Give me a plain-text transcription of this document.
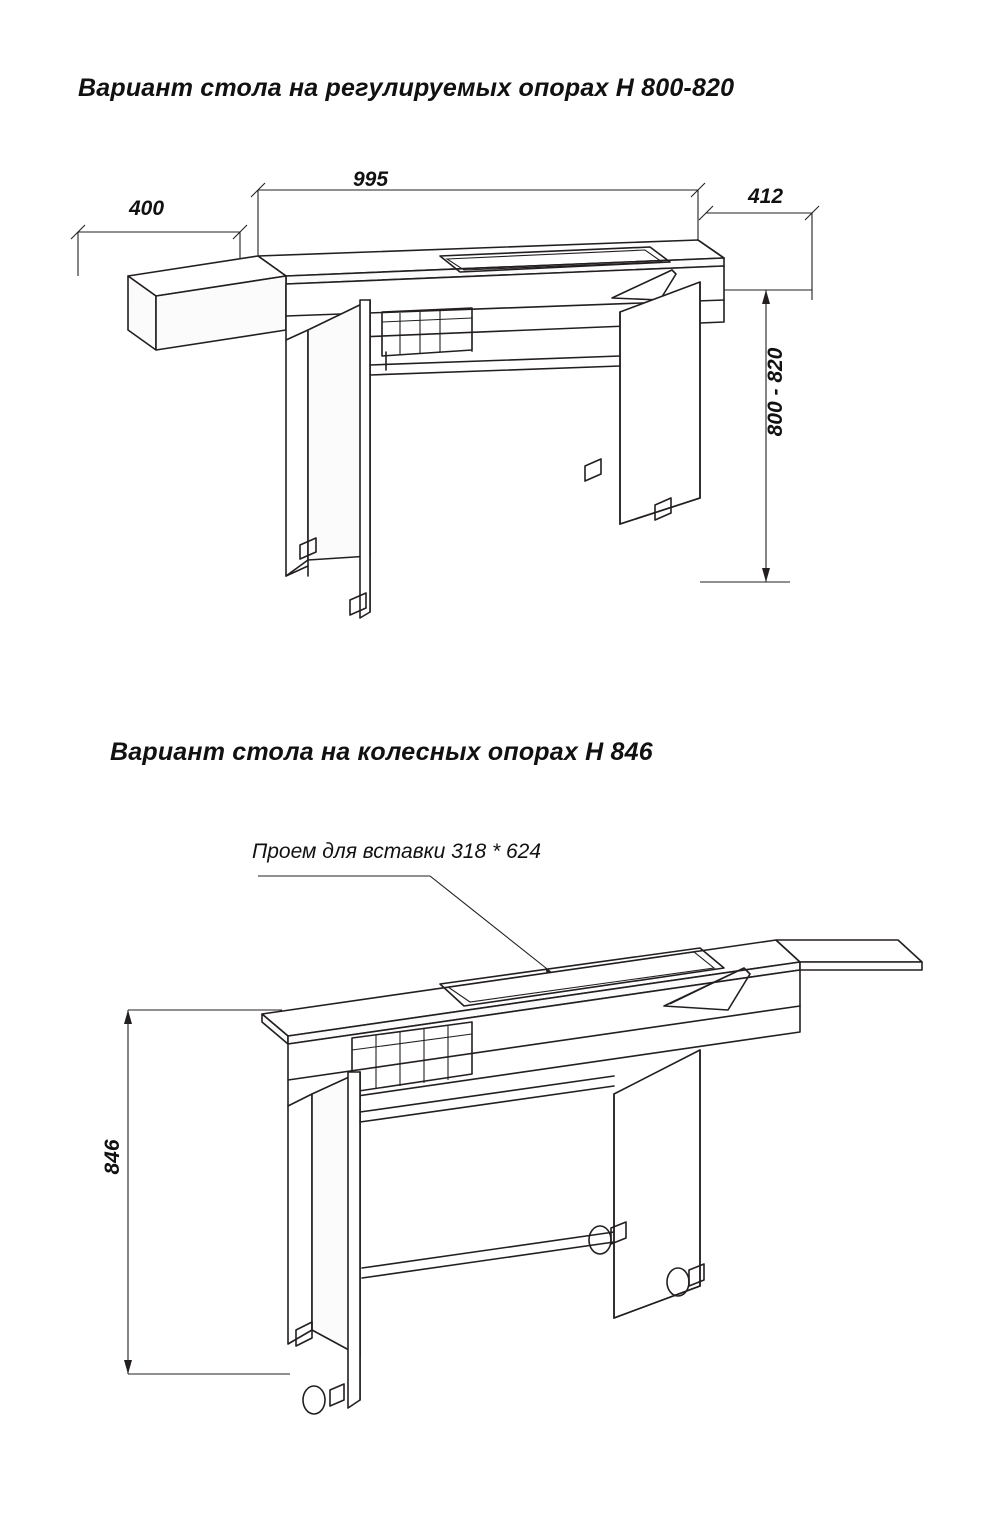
Вариант стола на регулируемых опорах H 800-820
Вариант стола на колесных опорах H 846
Проем для вставки 318 * 624
995
400
412
800 - 820
846
